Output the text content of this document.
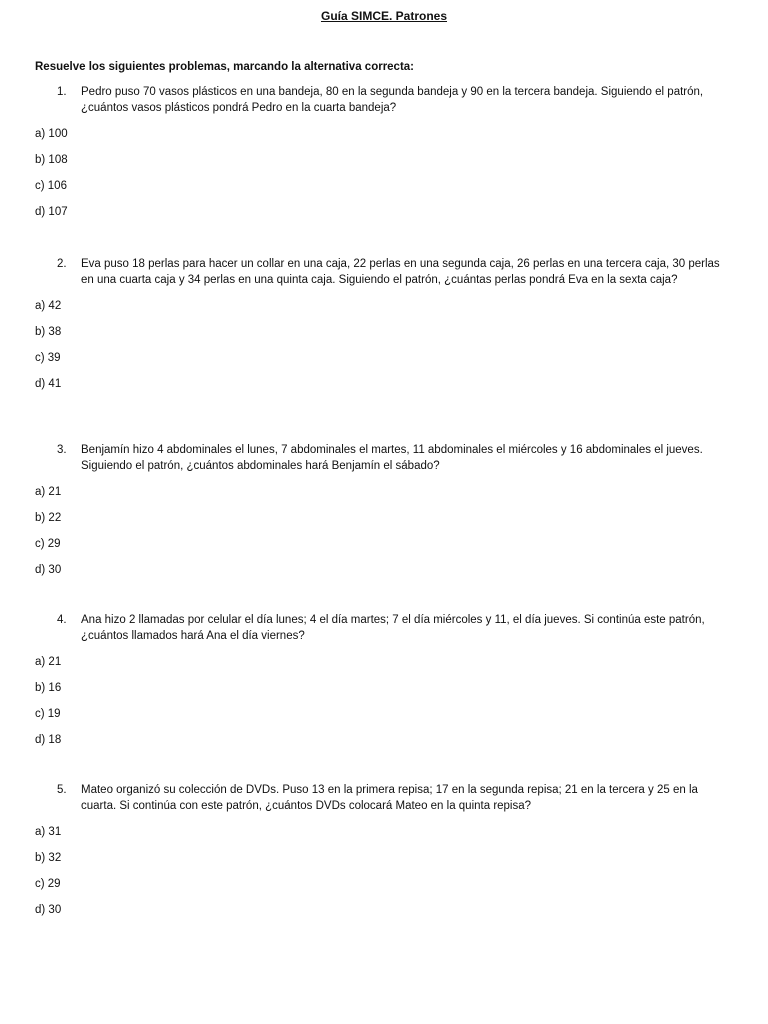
Guía SIMCE. Patrones
Resuelve los siguientes problemas, marcando la alternativa correcta:
1. Pedro puso 70 vasos plásticos en una bandeja, 80 en la segunda bandeja y 90 en la tercera bandeja. Siguiendo el patrón, ¿cuántos vasos plásticos pondrá Pedro en la cuarta bandeja?
a) 100
b) 108
c) 106
d) 107
2. Eva puso 18 perlas para hacer un collar en una caja, 22 perlas en una segunda caja, 26 perlas en una tercera caja, 30 perlas en una cuarta caja y 34 perlas en una quinta caja. Siguiendo el patrón, ¿cuántas perlas pondrá Eva en la sexta caja?
a) 42
b) 38
c) 39
d) 41
3. Benjamín hizo 4 abdominales el lunes, 7 abdominales el martes, 11 abdominales el miércoles y 16 abdominales el jueves. Siguiendo el patrón, ¿cuántos abdominales hará Benjamín el sábado?
a) 21
b) 22
c) 29
d) 30
4. Ana hizo 2 llamadas por celular el día lunes; 4 el día martes; 7 el día miércoles y 11, el día jueves. Si continúa este patrón, ¿cuántos llamados hará Ana el día viernes?
a) 21
b) 16
c) 19
d) 18
5. Mateo organizó su colección de DVDs. Puso 13 en la primera repisa; 17 en la segunda repisa; 21 en la tercera y 25 en la cuarta. Si continúa con este patrón, ¿cuántos DVDs colocará Mateo en la quinta repisa?
a) 31
b) 32
c) 29
d) 30
